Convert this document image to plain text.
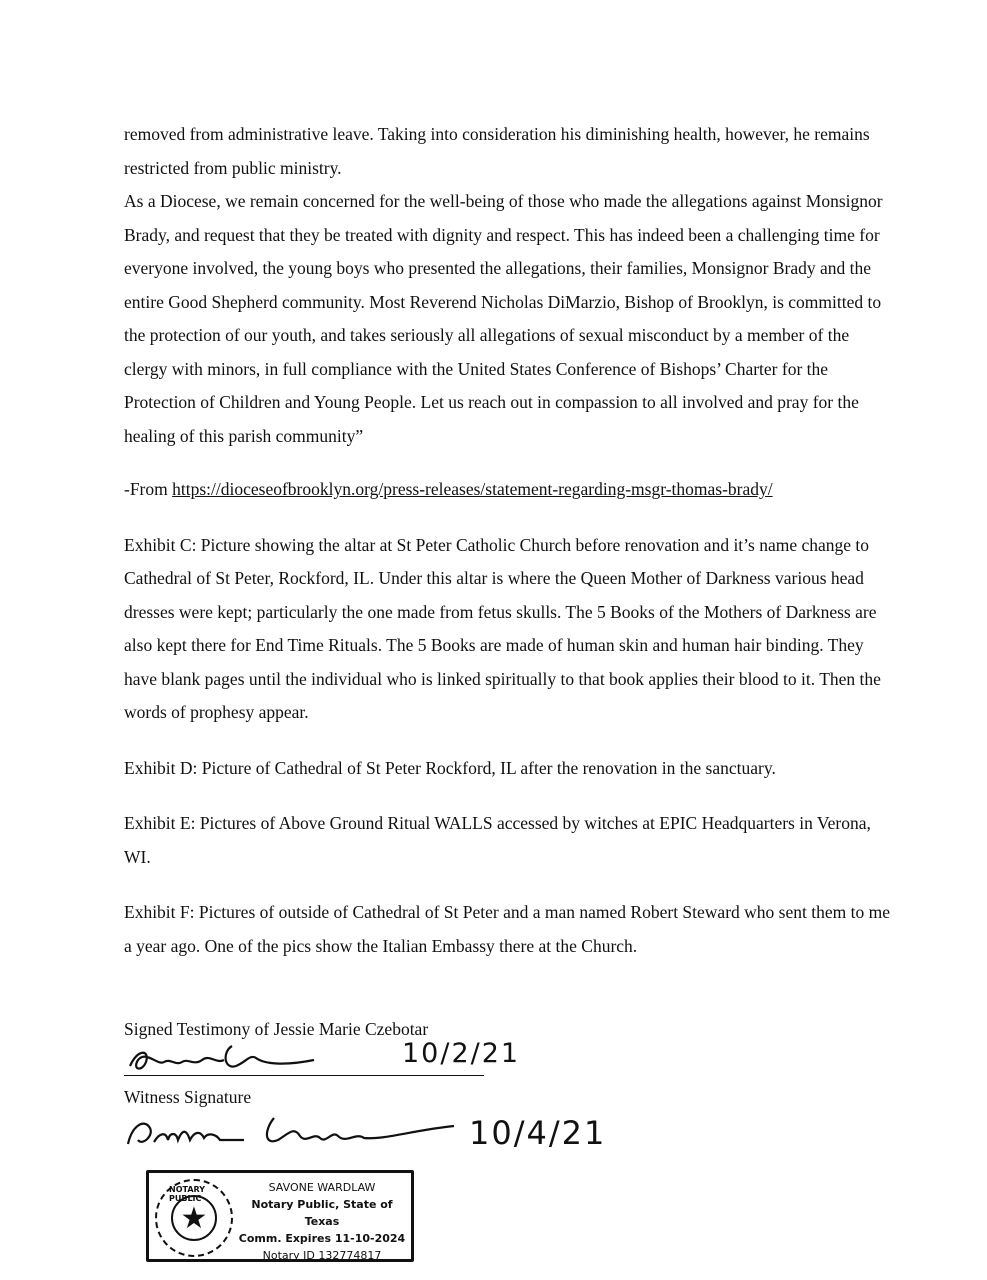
removed from administrative leave. Taking into consideration his diminishing health, however, he remains restricted from public ministry.

As a Diocese, we remain concerned for the well-being of those who made the allegations against Monsignor Brady, and request that they be treated with dignity and respect. This has indeed been a challenging time for everyone involved, the young boys who presented the allegations, their families, Monsignor Brady and the entire Good Shepherd community. Most Reverend Nicholas DiMarzio, Bishop of Brooklyn, is committed to the protection of our youth, and takes seriously all allegations of sexual misconduct by a member of the clergy with minors, in full compliance with the United States Conference of Bishops’ Charter for the Protection of Children and Young People. Let us reach out in compassion to all involved and pray for the healing of this parish community”

-From https://dioceseofbrooklyn.org/press-releases/statement-regarding-msgr-thomas-brady/

Exhibit C: Picture showing the altar at St Peter Catholic Church before renovation and it’s name change to Cathedral of St Peter, Rockford, IL. Under this altar is where the Queen Mother of Darkness various head dresses were kept; particularly the one made from fetus skulls. The 5 Books of the Mothers of Darkness are also kept there for End Time Rituals. The 5 Books are made of human skin and human hair binding. They have blank pages until the individual who is linked spiritually to that book applies their blood to it. Then the words of prophesy appear.

Exhibit D: Picture of Cathedral of St Peter Rockford, IL after the renovation in the sanctuary.

Exhibit E: Pictures of Above Ground Ritual WALLS accessed by witches at EPIC Headquarters in Verona, WI.

Exhibit F: Pictures of outside of Cathedral of St Peter and a man named Robert Steward who sent them to me a year ago. One of the pics show the Italian Embassy there at the Church.

Signed Testimony of Jessie Marie Czebotar
10/2/21
Witness Signature
10/4/21
NOTARY PUBLIC
★
SAVONE WARDLAW
Notary Public, State of Texas
Comm. Expires 11-10-2024
Notary ID 132774817
